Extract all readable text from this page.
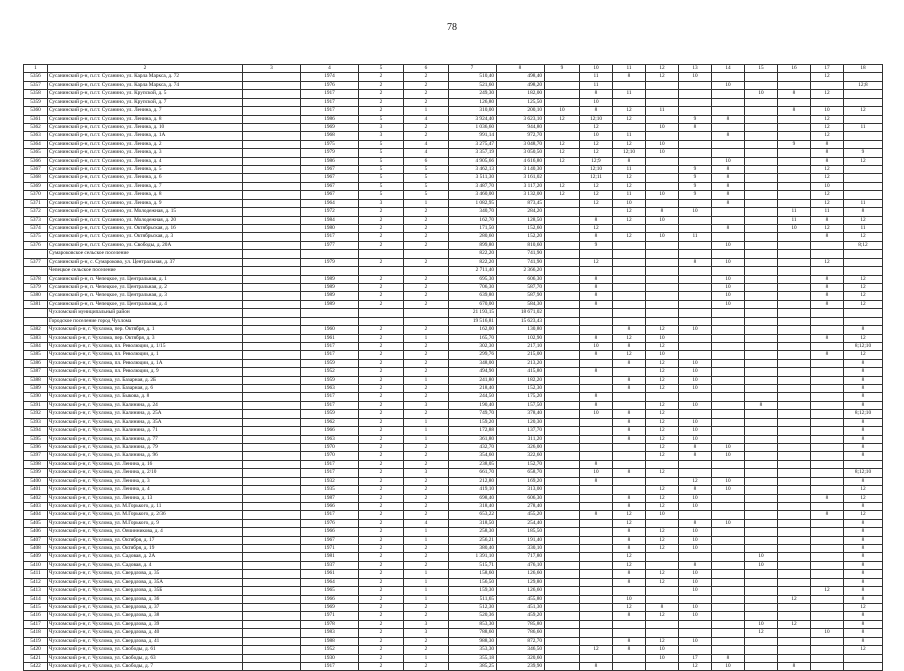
78
1	2	3	4	5	6	7	8	9	10	11	12	13	14	15	16	17	18
5356	Сусанинский р-н, п.г.т. Сусанино, ул. Карла Маркса, д. 72		1974	2	2	510,40	498,40		11	8	12	10				12	
5357	Сусанинский р-н, п.г.т. Сусанино, ул. Карла Маркса, д. 74		1976	2	2	521,60	498,20		11				10				12;8
5358	Сусанинский р-н, п.г.т. Сусанино, ул. Крупской, д. 5		1917	2	2	249,30	182,00		8	11				10	8	12	
5359	Сусанинский р-н, п.г.т. Сусанино, ул. Крупской, д. 7		1917	2	2	126,80	125,50		10								
5360	Сусанинский р-н, п.г.т. Сусанино, ул. Ленина, д. 7		1917	2	1	310,00	200,10	10	8	12	11				8	10	12
5361	Сусанинский р-н, п.г.т. Сусанино, ул. Ленина, д. 8		1986	5	4	3 924,40	3 623,10	12	12;10	12		9	8			12	
5362	Сусанинский р-н, п.г.т. Сусанино, ул. Ленина, д. 10		1969	3	2	1 036,60	944,80		12		10	8				12	11
5363	Сусанинский р-н, п.г.т. Сусанино, ул. Ленина, д. 1А		1968	3	2	991,14	972,70		10	11			8			12	
5364	Сусанинский р-н, п.г.т. Сусанино, ул. Ленина, д. 2		1975	5	4	3 275,47	3 048,70	12	12	12	10				9	8	
5365	Сусанинский р-н, п.г.т. Сусанино, ул. Ленина, д. 3		1979	5	4	3 357,19	3 050,50	12	12	12;10	10					8	9
5366	Сусанинский р-н, п.г.т. Сусанино, ул. Ленина, д. 4		1986	5	6	4 905,66	4 616,80	12	12;9	8			10			8	12
5367	Сусанинский р-н, п.г.т. Сусанино, ул. Ленина, д. 5		1967	5	5	3 462,13	3 140,30		12;10	11		9	8			12	
5368	Сусанинский р-н, п.г.т. Сусанино, ул. Ленина, д. 6		1967	5	5	3 511,30	3 161,02		12;11	12		9	8			12	
5369	Сусанинский р-н, п.г.т. Сусанино, ул. Ленина, д. 7		1967	5	5	3 487,70	3 117,20	12	12	12		9	8			10	
5370	Сусанинский р-н, п.г.т. Сусанино, ул. Ленина, д. 8		1967	5	5	3 460,00	3 132,00	12	12	11	10	9	8			12	
5371	Сусанинский р-н, п.г.т. Сусанино, ул. Ленина, д. 9		1964	3	1	1 082,95	873,45		12	10			8			12	11
5372	Сусанинский р-н, п.г.т. Сусанино, ул. Молодежная, д. 15		1972	2	2	340,70	284,20			12	8	10			11	11	8
5373	Сусанинский р-н, п.г.т. Сусанино, ул. Молодежная, д. 20		1984	2	2	162,70	128,50		8	12	10				11	8	12
5374	Сусанинский р-н, п.г.т. Сусанино, ул. Октябрьская, д. 16		1980	2	2	171,50	152,60		12				8		10	12	11
5375	Сусанинский р-н, п.г.т. Сусанино, ул. Октябрьская, д. 3		1917	2	2	280,60	152,20		8	12	10	11				8	12
5376	Сусанинский р-н, п.г.т. Сусанино, ул. Свободы, д. 20А		1977	2	2	899,80	810,60		9				10				8;12
	Сумароковское сельское поселение					822,20	741,90										
5377	Сусанинский р-н, с. Сумароково, ул. Центральная, д. 37		1979	2	2	822,20	741,90		12			8	10			12	
	Чепецкое сельское поселение					2 711,40	2 366,20										
5378	Сусанинский р-н, п. Чепецкое, ул. Центральная, д. 1		1989	2	2	695,30	606,30		8				10			8	12
5379	Сусанинский р-н, п. Чепецкое, ул. Центральная, д. 2		1989	2	2	706,30	587,70		8				10			8	12
5380	Сусанинский р-н, п. Чепецкое, ул. Центральная, д. 3		1989	2	2	639,80	587,90		8				10			8	12
5381	Сусанинский р-н, п. Чепецкое, ул. Центральная, д. 4		1989	2	2	670,00	584,30		8				10			8	12
	Чухломский муниципальный район					21 193,15	18 671,02										
	Городское поселение город Чухлома					19 516,81	15 623,43										
5382	Чухломский р-н, г. Чухлома, пер. Октября, д. 1		1960	2	2	162,00	130,80			8	12	10					8
5383	Чухломский р-н, г. Чухлома, пер. Октября, д. 3		1961	2	1	165,70	102,90		8	12	10					8	12
5384	Чухломский р-н, г. Чухлома, пл. Революции, д. 1/15		1917	2	2	302,30	217,10		10	8	12						8;12;10
5385	Чухломский р-н, г. Чухлома, пл. Революции, д. 1		1917	2	2	299,76	215,00		8	12	10					8	12
5386	Чухломский р-н, г. Чухлома, пл. Революции, д. 1А		1959	2	2	348,00	213,20			8	12	10					8
5387	Чухломский р-н, г. Чухлома, пл. Революции, д. 9		1952	2	2	494,90	415,80		8		12	10					8
5388	Чухломский р-н, г. Чухлома, ул. Базарная, д. 2Б		1959	2	1	241,80	182,20			8	12	10					8
5389	Чухломский р-н, г. Чухлома, ул. Базарная, д. 6		1963	2	2	218,40	152,30			8	12	10					8
5390	Чухломский р-н, г. Чухлома, ул. Быкова, д. 8		1917	2	2	244,50	175,20		8								8
5391	Чухломский р-н, г. Чухлома, ул. Калинина, д. 24		1917	2	3	190,40	157,50		8		12	10		8			8
5392	Чухломский р-н, г. Чухлома, ул. Калинина, д. 25А		1959	2	2	749,70	378,40		10	8	12						8;12;10
5393	Чухломский р-н, г. Чухлома, ул. Калинина, д. 35А		1962	2	1	159,20	120,30			8	12	10					8
5394	Чухломский р-н, г. Чухлома, ул. Калинина, д. 71		1966	2	1	172,88	137,70			8	12	10					8
5395	Чухломский р-н, г. Чухлома, ул. Калинина, д. 77		1963	2	1	361,80	311,20			8	12	10					8
5396	Чухломский р-н, г. Чухлома, ул. Калинина, д. 79		1970	2	2	432,70	326,00				12	8	10				8
5397	Чухломский р-н, г. Чухлома, ул. Калинина, д. 96		1970	2	2	354,60	322,60				12	8	10				8
5398	Чухломский р-н, г. Чухлома, ул. Ленина, д. 16		1917	2	2	238,05	152,70		8								
5399	Чухломский р-н, г. Чухлома, ул. Ленина, д. 2/10		1917	2	3	661,70	658,70		10	8	12						8;12;10
5400	Чухломский р-н, г. Чухлома, ул. Ленина, д. 3		1932	2	2	212,80	169,20		8			12	10				8
5401	Чухломский р-н, г. Чухлома, ул. Ленина, д. 4		1935	2	2	419,10	313,00				12	8	10				12
5402	Чухломский р-н, г. Чухлома, ул. Ленина, д. 13		1987	2	2	698,40	606,30			8	12	10				8	12
5403	Чухломский р-н, г. Чухлома, ул. М.Горького, д. 11		1966	2	2	318,40	278,40			8	12	10					8
5404	Чухломский р-н, г. Чухлома, ул. М.Горького, д. 2/36		1917	2	2	653,22	455,20		8	12	10					8	12
5405	Чухломский р-н, г. Чухлома, ул. М.Горького, д. 9		1976	2	4	318,50	254,40			12		8	10				8
5406	Чухломский р-н, г. Чухлома, ул. Овчинникова, д. 4		1966	2	1	258,30	185,50			8	12	10					8
5407	Чухломский р-н, г. Чухлома, ул. Октября, д. 17		1967	2	1	256,21	191,40			8	12	10					8
5408	Чухломский р-н, г. Чухлома, ул. Октября, д. 19		1971	2	2	380,40	330,10			8	12	10					8
5409	Чухломский р-н, г. Чухлома, ул. Садовая, д. 2А		1981	2	2	1 391,10	717,80			12				10			8
5410	Чухломский р-н, г. Чухлома, ул. Садовая, д. 4		1937	2	2	515,71	476,10			12		8		10			8
5411	Чухломский р-н, г. Чухлома, ул. Свердлова, д. 35		1961	2	1	158,60	126,60			8	12	10					8
5412	Чухломский р-н, г. Чухлома, ул. Свердлова, д. 35А		1964	2	1	156,50	129,80			8	12	10					8
5413	Чухломский р-н, г. Чухлома, ул. Свердлова, д. 35Б		1965	2	1	159,30	126,60					10				12	8
5414	Чухломский р-н, г. Чухлома, ул. Свердлова, д. 36		1966	2	1	511,65	455,80			10					12		8
5415	Чухломский р-н, г. Чухлома, ул. Свердлова, д. 37		1969	2	2	512,30	451,30			12	8	10					12
5416	Чухломский р-н, г. Чухлома, ул. Свердлова, д. 38		1971	2	2	520,36	459,20			8	12	10					8
5417	Чухломский р-н, г. Чухлома, ул. Свердлова, д. 39		1978	2	3	853,30	785,80							10	12		8
5418	Чухломский р-н, г. Чухлома, ул. Свердлова, д. 40		1983	2	3	788,60	786,60							12		10	8
5419	Чухломский р-н, г. Чухлома, ул. Свердлова, д. 41		1988	2	2	988,30	872,70			8	12	10					8
5420	Чухломский р-н, г. Чухлома, ул. Свободы, д. 61		1952	2	2	353,30	346,50		12	8	10						12
5421	Чухломский р-н, г. Чухлома, ул. Свободы, д. 63		1930	2	1	355,18	320,60				10	17	8				
5422	Чухломский р-н, г. Чухлома, ул. Свободы, д. 7		1917	2	2	385,25	239,90		8			12	10		8		
